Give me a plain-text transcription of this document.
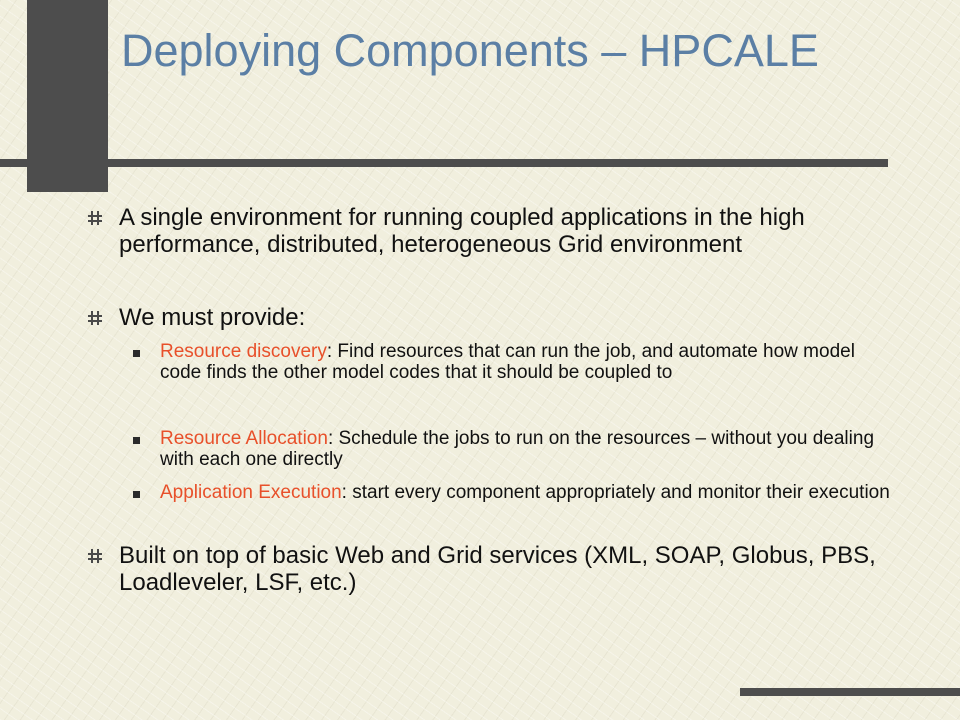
Deploying Components – HPCALE

A single environment for running coupled applications in the high performance, distributed, heterogeneous Grid environment

We must provide:

Resource discovery: Find resources that can run the job, and automate how model code finds the other model codes that it should be coupled to

Resource Allocation: Schedule the jobs to run on the resources – without you dealing with each one directly

Application Execution: start every component appropriately and monitor their execution

Built on top of basic Web and Grid services (XML, SOAP, Globus, PBS, Loadleveler, LSF, etc.)
